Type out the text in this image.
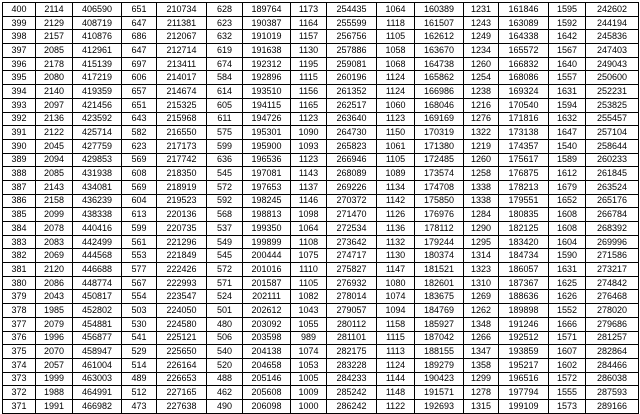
400	2114	406590	651	210734	628	189764	1173	254435	1064	160389	1231	161846	1595	242602
399	2129	408719	647	211381	623	190387	1164	255599	1118	161507	1243	163089	1592	244194
398	2157	410876	686	212067	632	191019	1157	256756	1105	162612	1249	164338	1642	245836
397	2085	412961	647	212714	619	191638	1130	257886	1058	163670	1234	165572	1567	247403
396	2178	415139	697	213411	674	192312	1195	259081	1068	164738	1260	166832	1640	249043
395	2080	417219	606	214017	584	192896	1115	260196	1124	165862	1254	168086	1557	250600
394	2140	419359	657	214674	614	193510	1156	261352	1124	166986	1238	169324	1631	252231
393	2097	421456	651	215325	605	194115	1165	262517	1060	168046	1216	170540	1594	253825
392	2136	423592	643	215968	611	194726	1123	263640	1123	169169	1276	171816	1632	255457
391	2122	425714	582	216550	575	195301	1090	264730	1150	170319	1322	173138	1647	257104
390	2045	427759	623	217173	599	195900	1093	265823	1061	171380	1219	174357	1540	258644
389	2094	429853	569	217742	636	196536	1123	266946	1105	172485	1260	175617	1589	260233
388	2085	431938	608	218350	545	197081	1143	268089	1089	173574	1258	176875	1612	261845
387	2143	434081	569	218919	572	197653	1137	269226	1134	174708	1338	178213	1679	263524
386	2158	436239	604	219523	592	198245	1146	270372	1142	175850	1338	179551	1652	265176
385	2099	438338	613	220136	568	198813	1098	271470	1126	176976	1284	180835	1608	266784
384	2078	440416	599	220735	537	199350	1064	272534	1136	178112	1290	182125	1608	268392
383	2083	442499	561	221296	549	199899	1108	273642	1132	179244	1295	183420	1604	269996
382	2069	444568	553	221849	545	200444	1075	274717	1130	180374	1314	184734	1590	271586
381	2120	446688	577	222426	572	201016	1110	275827	1147	181521	1323	186057	1631	273217
380	2086	448774	567	222993	571	201587	1105	276932	1080	182601	1310	187367	1625	274842
379	2043	450817	554	223547	524	202111	1082	278014	1074	183675	1269	188636	1626	276468
378	1985	452802	503	224050	501	202612	1043	279057	1094	184769	1262	189898	1552	278020
377	2079	454881	530	224580	480	203092	1055	280112	1158	185927	1348	191246	1666	279686
376	1996	456877	541	225121	506	203598	989	281101	1115	187042	1266	192512	1571	281257
375	2070	458947	529	225650	540	204138	1074	282175	1113	188155	1347	193859	1607	282864
374	2057	461004	514	226164	520	204658	1053	283228	1124	189279	1358	195217	1602	284466
373	1999	463003	489	226653	488	205146	1005	284233	1144	190423	1299	196516	1572	286038
372	1988	464991	512	227165	462	205608	1009	285242	1148	191571	1278	197794	1555	287593
371	1991	466982	473	227638	490	206098	1000	286242	1122	192693	1315	199109	1573	289166
